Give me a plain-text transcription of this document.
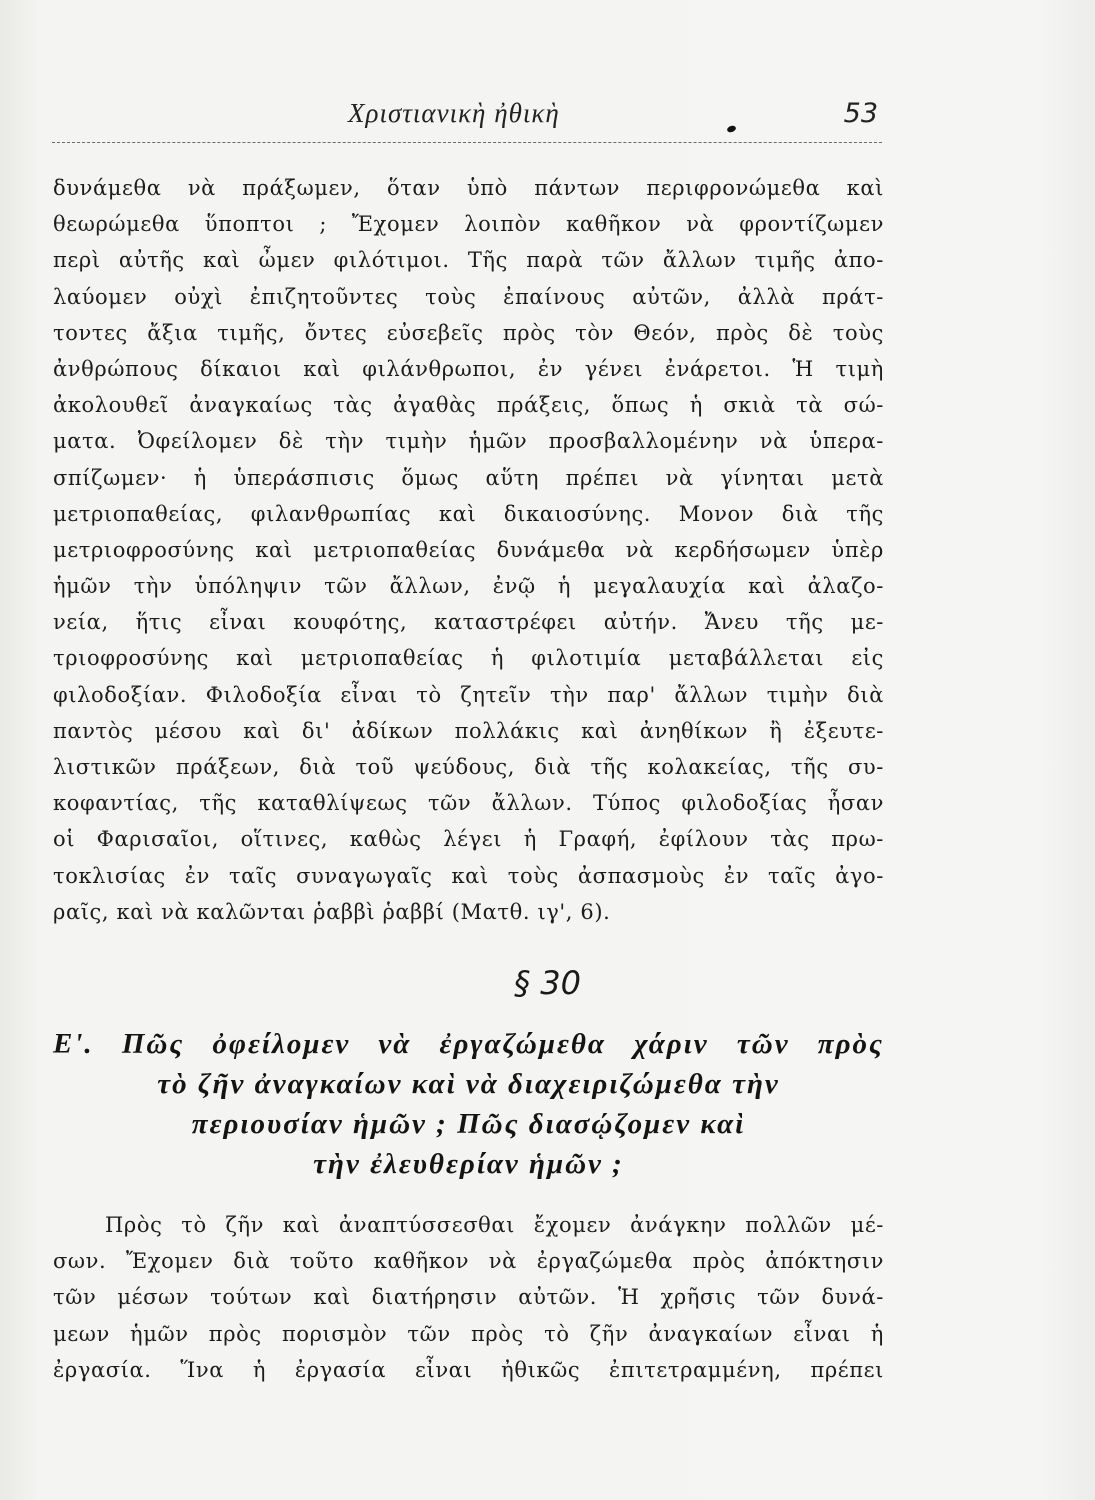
Χριστιανικὴ ἠθικὴ	53
δυνάμεθα νὰ πράξωμεν, ὅταν ὑπὸ πάντων περιφρονώμεθα καὶ
θεωρώμεθα ὕποπτοι ; Ἔχομεν λοιπὸν καθῆκον νὰ φροντίζωμεν
περὶ αὐτῆς καὶ ὦμεν φιλότιμοι. Τῆς παρὰ τῶν ἄλλων τιμῆς ἀπο-
λαύομεν οὐχὶ ἐπιζητοῦντες τοὺς ἐπαίνους αὐτῶν, ἀλλὰ πράτ-
τοντες ἄξια τιμῆς, ὄντες εὐσεβεῖς πρὸς τὸν Θεόν, πρὸς δὲ τοὺς
ἀνθρώπους δίκαιοι καὶ φιλάνθρωποι, ἐν γένει ἐνάρετοι. Ἡ τιμὴ
ἀκολουθεῖ ἀναγκαίως τὰς ἀγαθὰς πράξεις, ὅπως ἡ σκιὰ τὰ σώ-
ματα. Ὀφείλομεν δὲ τὴν τιμὴν ἡμῶν προσβαλλομένην νὰ ὑπερα-
σπίζωμεν· ἡ ὑπεράσπισις ὅμως αὕτη πρέπει νὰ γίνηται μετὰ
μετριοπαθείας, φιλανθρωπίας καὶ δικαιοσύνης. Μονον διὰ τῆς
μετριοφροσύνης καὶ μετριοπαθείας δυνάμεθα νὰ κερδήσωμεν ὑπὲρ
ἡμῶν τὴν ὑπόληψιν τῶν ἄλλων, ἐνῷ ἡ μεγαλαυχία καὶ ἀλαζο-
νεία, ἥτις εἶναι κουφότης, καταστρέφει αὐτήν. Ἄνευ τῆς με-
τριοφροσύνης καὶ μετριοπαθείας ἡ φιλοτιμία μεταβάλλεται εἰς
φιλοδοξίαν. Φιλοδοξία εἶναι τὸ ζητεῖν τὴν παρ' ἄλλων τιμὴν διὰ
παντὸς μέσου καὶ δι' ἀδίκων πολλάκις καὶ ἀνηθίκων ἢ ἐξευτε-
λιστικῶν πράξεων, διὰ τοῦ ψεύδους, διὰ τῆς κολακείας, τῆς συ-
κοφαντίας, τῆς καταθλίψεως τῶν ἄλλων. Τύπος φιλοδοξίας ἦσαν
οἱ Φαρισαῖοι, οἵτινες, καθὼς λέγει ἡ Γραφή, ἐφίλουν τὰς πρω-
τοκλισίας ἐν ταῖς συναγωγαῖς καὶ τοὺς ἀσπασμοὺς ἐν ταῖς ἀγο-
ραῖς, καὶ νὰ καλῶνται ῥαββὶ ῥαββί (Ματθ. ιγ', 6).
§ 30
Ε'. Πῶς ὀφείλομεν νὰ ἐργαζώμεθα χάριν τῶν πρὸς
τὸ ζῆν ἀναγκαίων καὶ νὰ διαχειριζώμεθα τὴν
περιουσίαν ἡμῶν ; Πῶς διασῴζομεν καὶ
τὴν ἐλευθερίαν ἡμῶν ;
Πρὸς τὸ ζῆν καὶ ἀναπτύσσεσθαι ἔχομεν ἀνάγκην πολλῶν μέ-
σων. Ἔχομεν διὰ τοῦτο καθῆκον νὰ ἐργαζώμεθα πρὸς ἀπόκτησιν
τῶν μέσων τούτων καὶ διατήρησιν αὐτῶν. Ἡ χρῆσις τῶν δυνά-
μεων ἡμῶν πρὸς πορισμὸν τῶν πρὸς τὸ ζῆν ἀναγκαίων εἶναι ἡ
ἐργασία. Ἵνα ἡ ἐργασία εἶναι ἠθικῶς ἐπιτετραμμένη, πρέπει
